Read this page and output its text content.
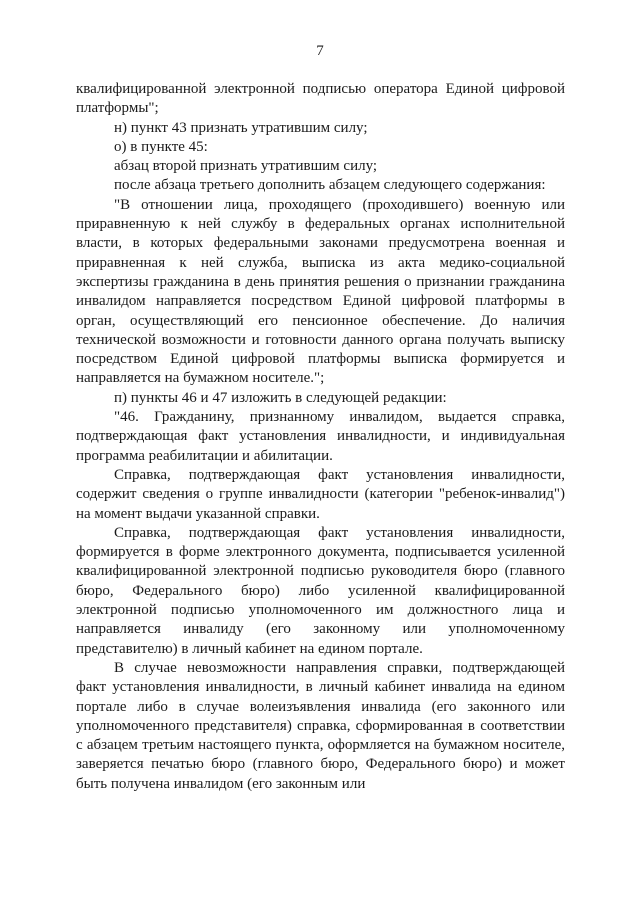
7

квалифицированной электронной подписью оператора Единой цифровой платформы";

н) пункт 43 признать утратившим силу;

о) в пункте 45:

абзац второй признать утратившим силу;

после абзаца третьего дополнить абзацем следующего содержания:

"В отношении лица, проходящего (проходившего) военную или приравненную к ней службу в федеральных органах исполнительной власти, в которых федеральными законами предусмотрена военная и приравненная к ней служба, выписка из акта медико-социальной экспертизы гражданина в день принятия решения о признании гражданина инвалидом направляется посредством Единой цифровой платформы в орган, осуществляющий его пенсионное обеспечение. До наличия технической возможности и готовности данного органа получать выписку посредством Единой цифровой платформы выписка формируется и направляется на бумажном носителе.";

п) пункты 46 и 47 изложить в следующей редакции:

"46. Гражданину, признанному инвалидом, выдается справка, подтверждающая факт установления инвалидности, и индивидуальная программа реабилитации и абилитации.

Справка, подтверждающая факт установления инвалидности, содержит сведения о группе инвалидности (категории "ребенок-инвалид") на момент выдачи указанной справки.

Справка, подтверждающая факт установления инвалидности, формируется в форме электронного документа, подписывается усиленной квалифицированной электронной подписью руководителя бюро (главного бюро, Федерального бюро) либо усиленной квалифицированной электронной подписью уполномоченного им должностного лица и направляется инвалиду (его законному или уполномоченному представителю) в личный кабинет на едином портале.

В случае невозможности направления справки, подтверждающей факт установления инвалидности, в личный кабинет инвалида на едином портале либо в случае волеизъявления инвалида (его законного или уполномоченного представителя) справка, сформированная в соответствии с абзацем третьим настоящего пункта, оформляется на бумажном носителе, заверяется печатью бюро (главного бюро, Федерального бюро) и может быть получена инвалидом (его законным или
